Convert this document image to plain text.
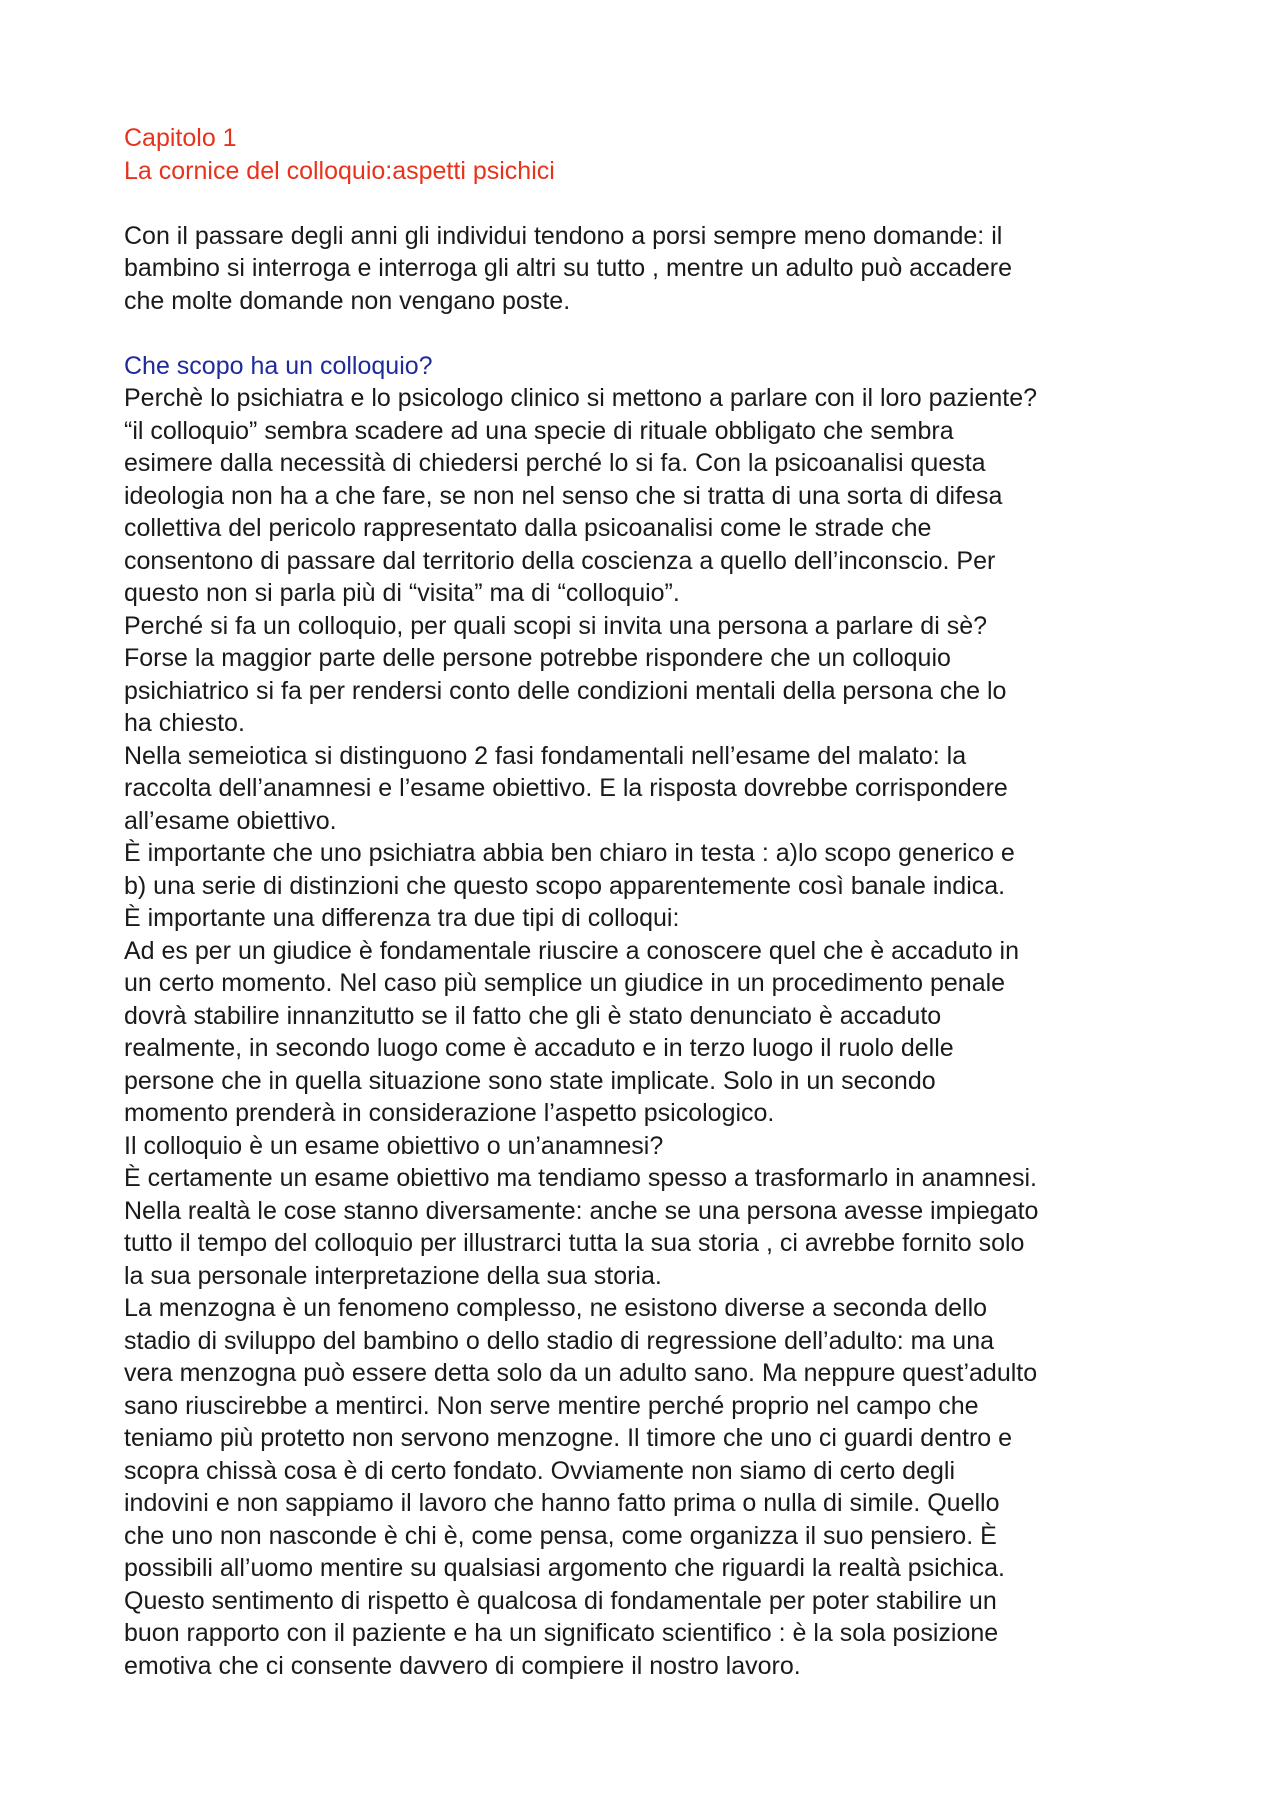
Capitolo 1

La cornice del colloquio:aspetti psichici

Con il passare degli anni gli individui tendono a porsi sempre meno domande: il

bambino si interroga e interroga gli altri su tutto , mentre un adulto può accadere

che molte domande non vengano poste.

Che scopo ha un colloquio?

Perchè lo psichiatra e lo psicologo clinico si mettono a parlare con il loro paziente?

“il colloquio” sembra scadere ad una specie di rituale obbligato che sembra

esimere dalla necessità di chiedersi perché lo si fa. Con la psicoanalisi questa

ideologia non ha a che fare, se non nel senso che si tratta di una sorta di difesa

collettiva del pericolo rappresentato dalla psicoanalisi come le strade che

consentono di passare dal territorio della coscienza a quello dell’inconscio. Per

questo non si parla più di “visita” ma di “colloquio”.

Perché si fa un colloquio, per quali scopi si invita una persona a parlare di sè?

Forse la maggior parte delle persone potrebbe rispondere che un colloquio

psichiatrico si fa per rendersi conto delle condizioni mentali della persona che lo

ha chiesto.

Nella semeiotica si distinguono 2 fasi fondamentali nell’esame del malato: la

raccolta dell’anamnesi e l’esame obiettivo. E la risposta dovrebbe corrispondere

all’esame obiettivo.

È importante che uno psichiatra abbia ben chiaro in testa : a)lo scopo generico e

b) una serie di distinzioni che questo scopo apparentemente così banale indica.

È importante una differenza tra due tipi di colloqui:

Ad es per un giudice è fondamentale riuscire a conoscere quel che è accaduto in

un certo momento. Nel caso più semplice un giudice in un procedimento penale

dovrà stabilire innanzitutto se il fatto che gli è stato denunciato è accaduto

realmente, in secondo luogo come è accaduto e in terzo luogo il ruolo delle

persone che in quella situazione sono state implicate. Solo in un secondo

momento prenderà in considerazione l’aspetto psicologico.

Il colloquio è un esame obiettivo o un’anamnesi?

È certamente un esame obiettivo ma tendiamo spesso a trasformarlo in anamnesi.

Nella realtà le cose stanno diversamente: anche se una persona avesse impiegato

tutto il tempo del colloquio per illustrarci tutta la sua storia , ci avrebbe fornito solo

la sua personale interpretazione della sua storia.

La menzogna è un fenomeno complesso, ne esistono diverse a seconda dello

stadio di sviluppo del bambino o dello stadio di regressione dell’adulto: ma una

vera menzogna può essere detta solo da un adulto sano. Ma neppure quest’adulto

sano riuscirebbe a mentirci. Non serve mentire perché proprio nel campo che

teniamo più protetto non servono menzogne. Il timore che uno ci guardi dentro e

scopra chissà cosa è di certo fondato. Ovviamente non siamo di certo degli

indovini e non sappiamo il lavoro che hanno fatto prima o nulla di simile. Quello

che uno non nasconde è chi è, come pensa, come organizza il suo pensiero. È

possibili all’uomo mentire su qualsiasi argomento che riguardi la realtà psichica.

Questo sentimento di rispetto è qualcosa di fondamentale per poter stabilire un

buon rapporto con il paziente e ha un significato scientifico : è la sola posizione

emotiva che ci consente davvero di compiere il nostro lavoro.
